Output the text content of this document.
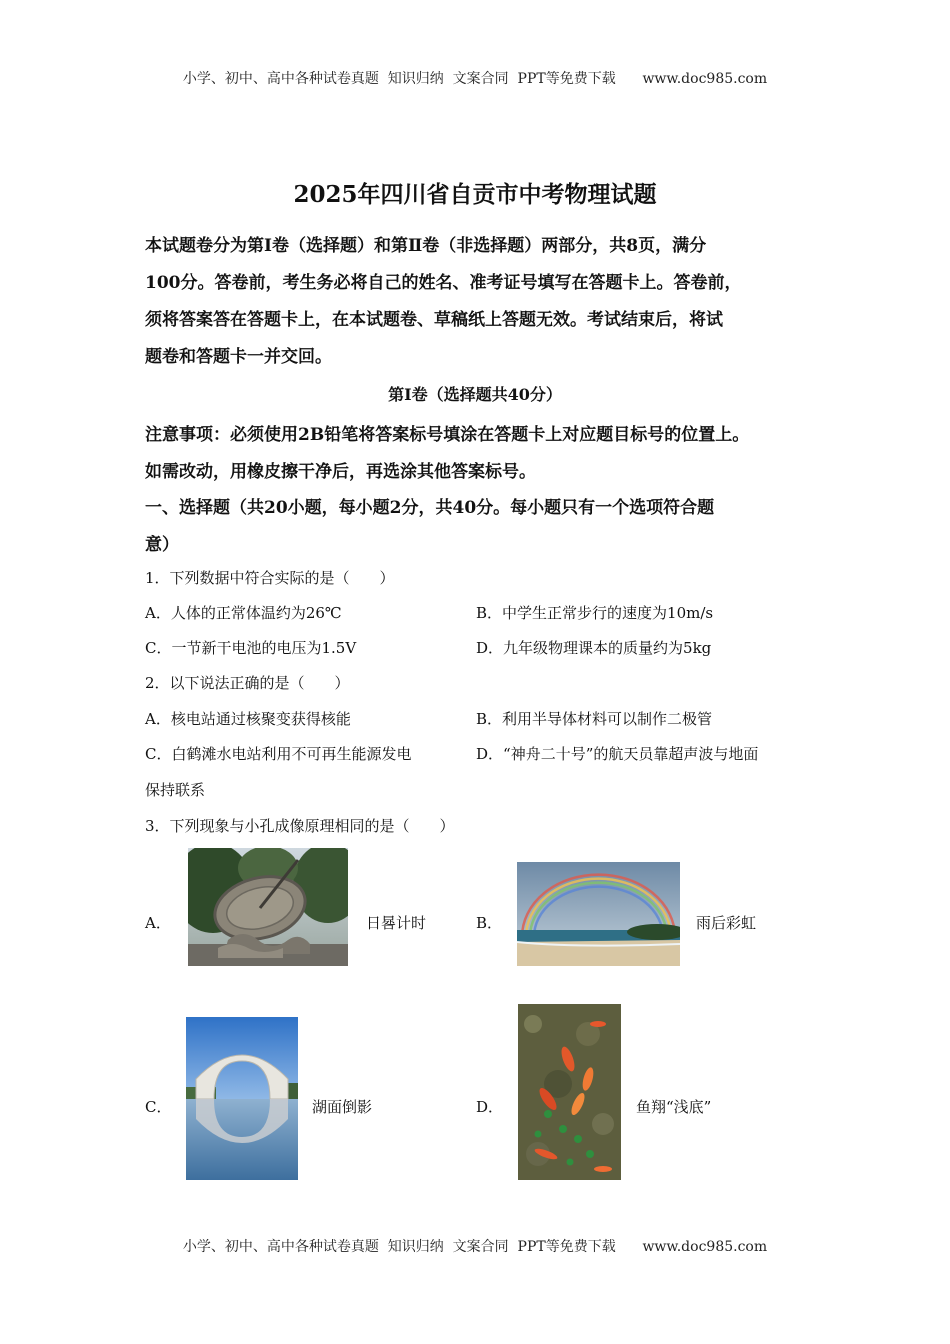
小学、初中、高中各种试卷真题  知识归纳  文案合同  PPT等免费下载      www.doc985.com
2025年四川省自贡市中考物理试题

本试题卷分为第Ⅰ卷（选择题）和第Ⅱ卷（非选择题）两部分，共8页，满分

100分。答卷前，考生务必将自己的姓名、准考证号填写在答题卡上。答卷前，

须将答案答在答题卡上，在本试题卷、草稿纸上答题无效。考试结束后，将试

题卷和答题卡一并交回。

第Ⅰ卷（选择题共40分）
注意事项：必须使用2B铅笔将答案标号填涂在答题卡上对应题目标号的位置上。
如需改动，用橡皮擦干净后，再选涂其他答案标号。
一、选择题（共20小题，每小题2分，共40分。每小题只有一个选项符合题
意）
1．下列数据中符合实际的是（　　）
A．人体的正常体温约为26℃	B．中学生正常步行的速度为10m/s
C．一节新干电池的电压为1.5V	D．九年级物理课本的质量约为5kg
2．以下说法正确的是（　　）
A．核电站通过核聚变获得核能	B．利用半导体材料可以制作二极管
C．白鹤滩水电站利用不可再生能源发电	D．“神舟二十号”的航天员靠超声波与地面
保持联系
3．下列现象与小孔成像原理相同的是（　　）
A．	日晷计时	B．	雨后彩虹
C．	湖面倒影	D．	鱼翔“浅底”
小学、初中、高中各种试卷真题  知识归纳  文案合同  PPT等免费下载      www.doc985.com
